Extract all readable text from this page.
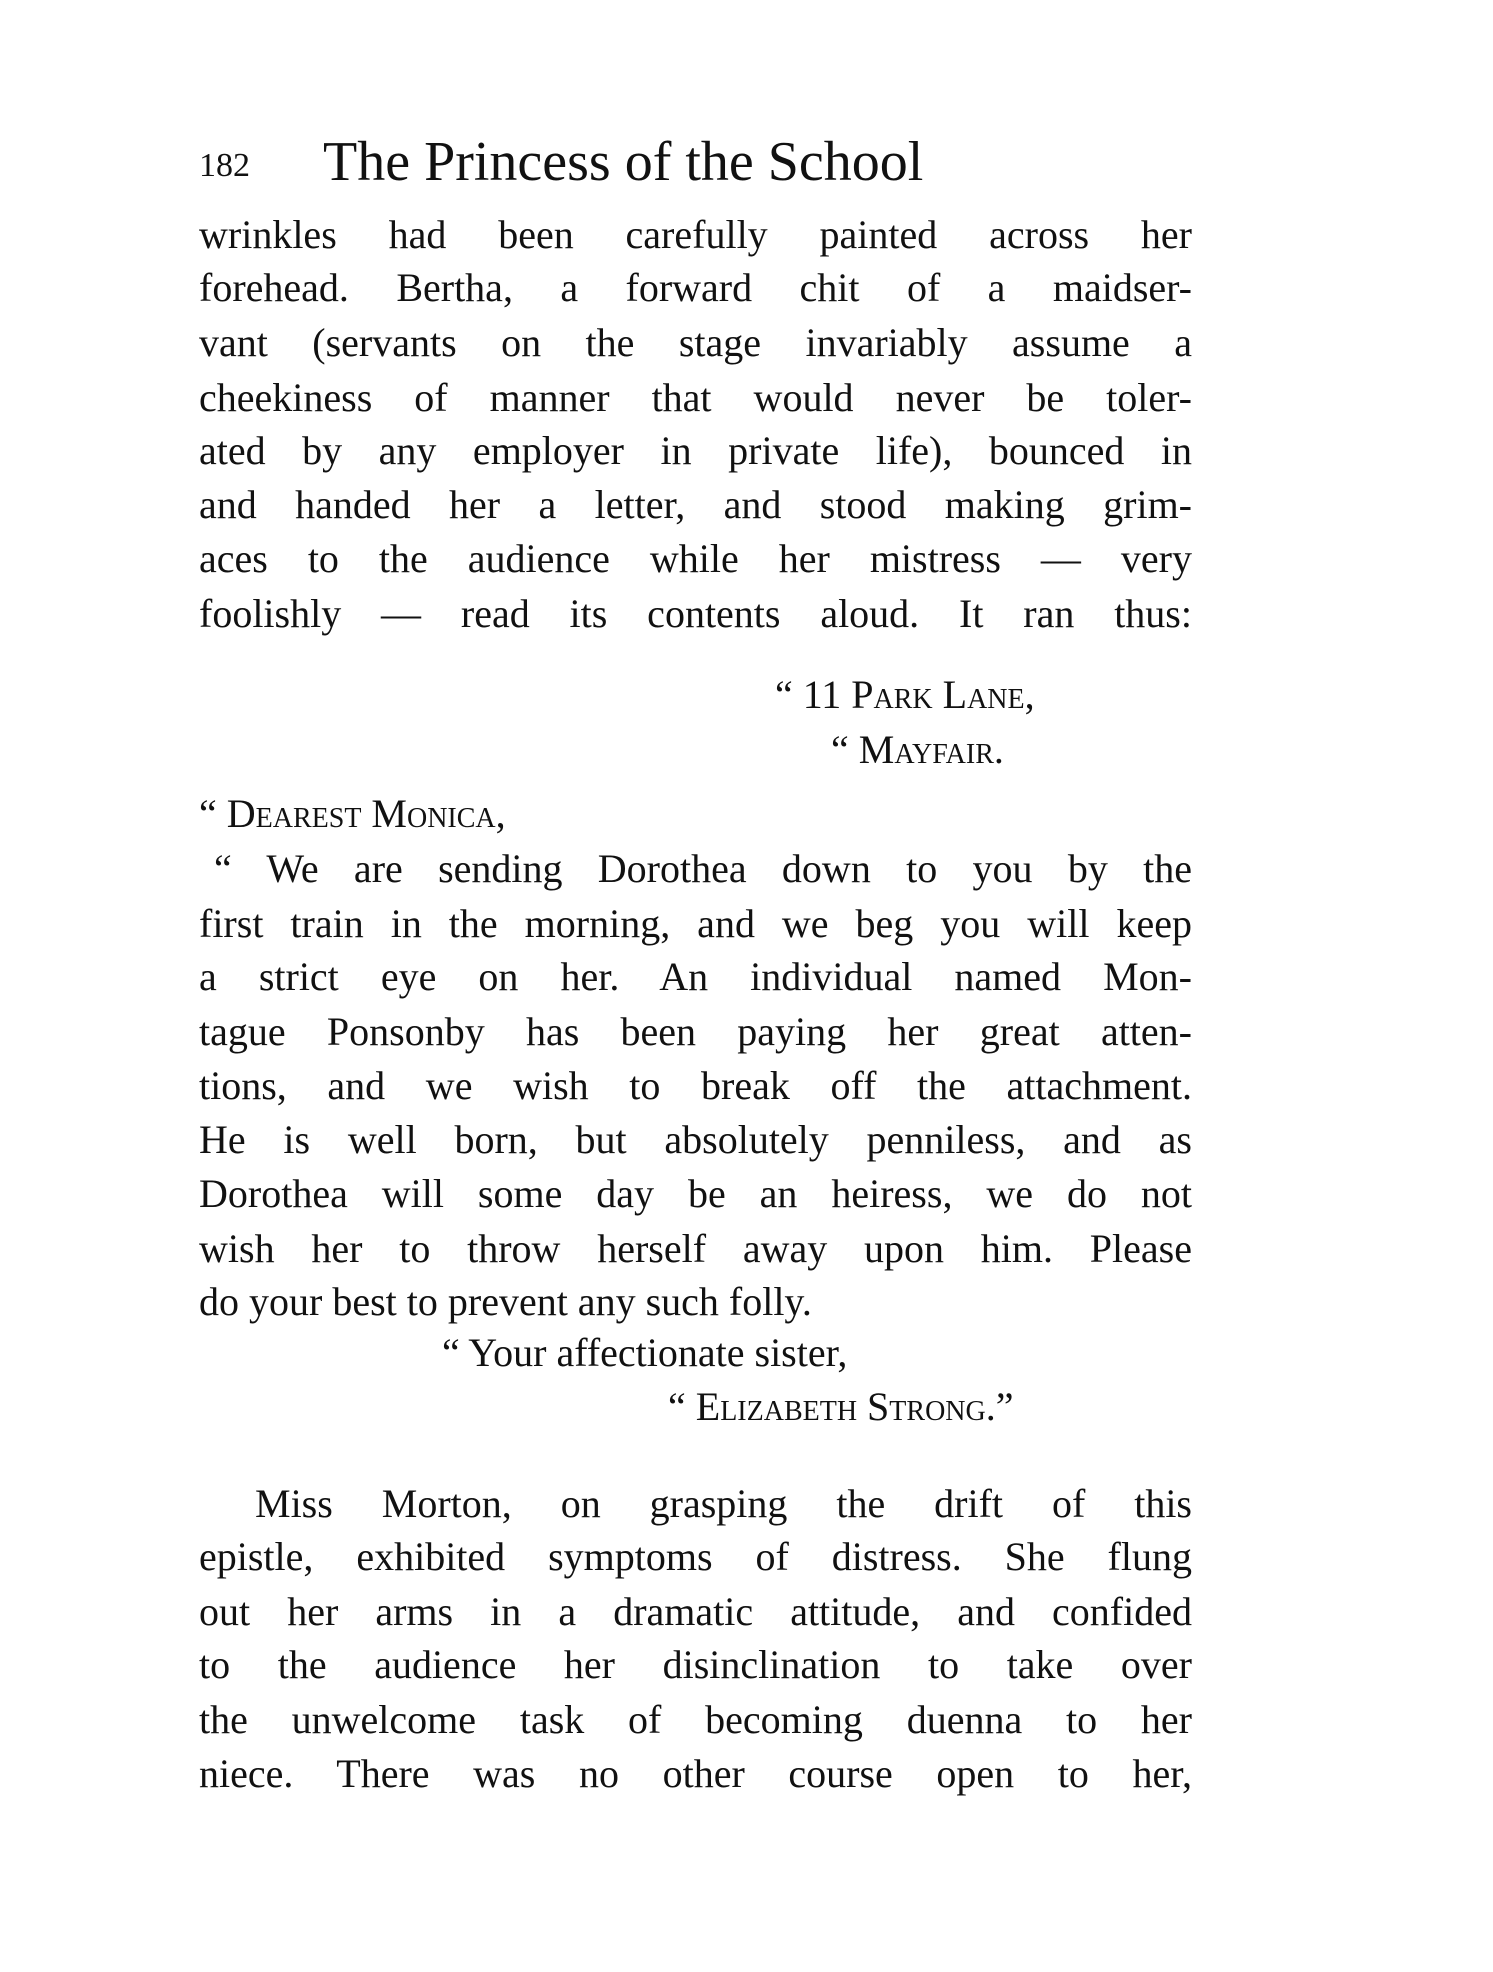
182 The Princess of the School
wrinkles had been carefully painted across her
forehead. Bertha, a forward chit of a maidser-
vant (servants on the stage invariably assume a
cheekiness of manner that would never be toler-
ated by any employer in private life), bounced in
and handed her a letter, and stood making grim-
aces to the audience while her mistress — very
foolishly — read its contents aloud. It ran thus:
“ 11 Park Lane,
“ Mayfair.
“ Dearest Monica,
“ We are sending Dorothea down to you by the
first train in the morning, and we beg you will keep
a strict eye on her. An individual named Mon-
tague Ponsonby has been paying her great atten-
tions, and we wish to break off the attachment.
He is well born, but absolutely penniless, and as
Dorothea will some day be an heiress, we do not
wish her to throw herself away upon him. Please
do your best to prevent any such folly.
“ Your affectionate sister,
“ Elizabeth Strong.”
Miss Morton, on grasping the drift of this
epistle, exhibited symptoms of distress. She flung
out her arms in a dramatic attitude, and confided
to the audience her disinclination to take over
the unwelcome task of becoming duenna to her
niece. There was no other course open to her,
